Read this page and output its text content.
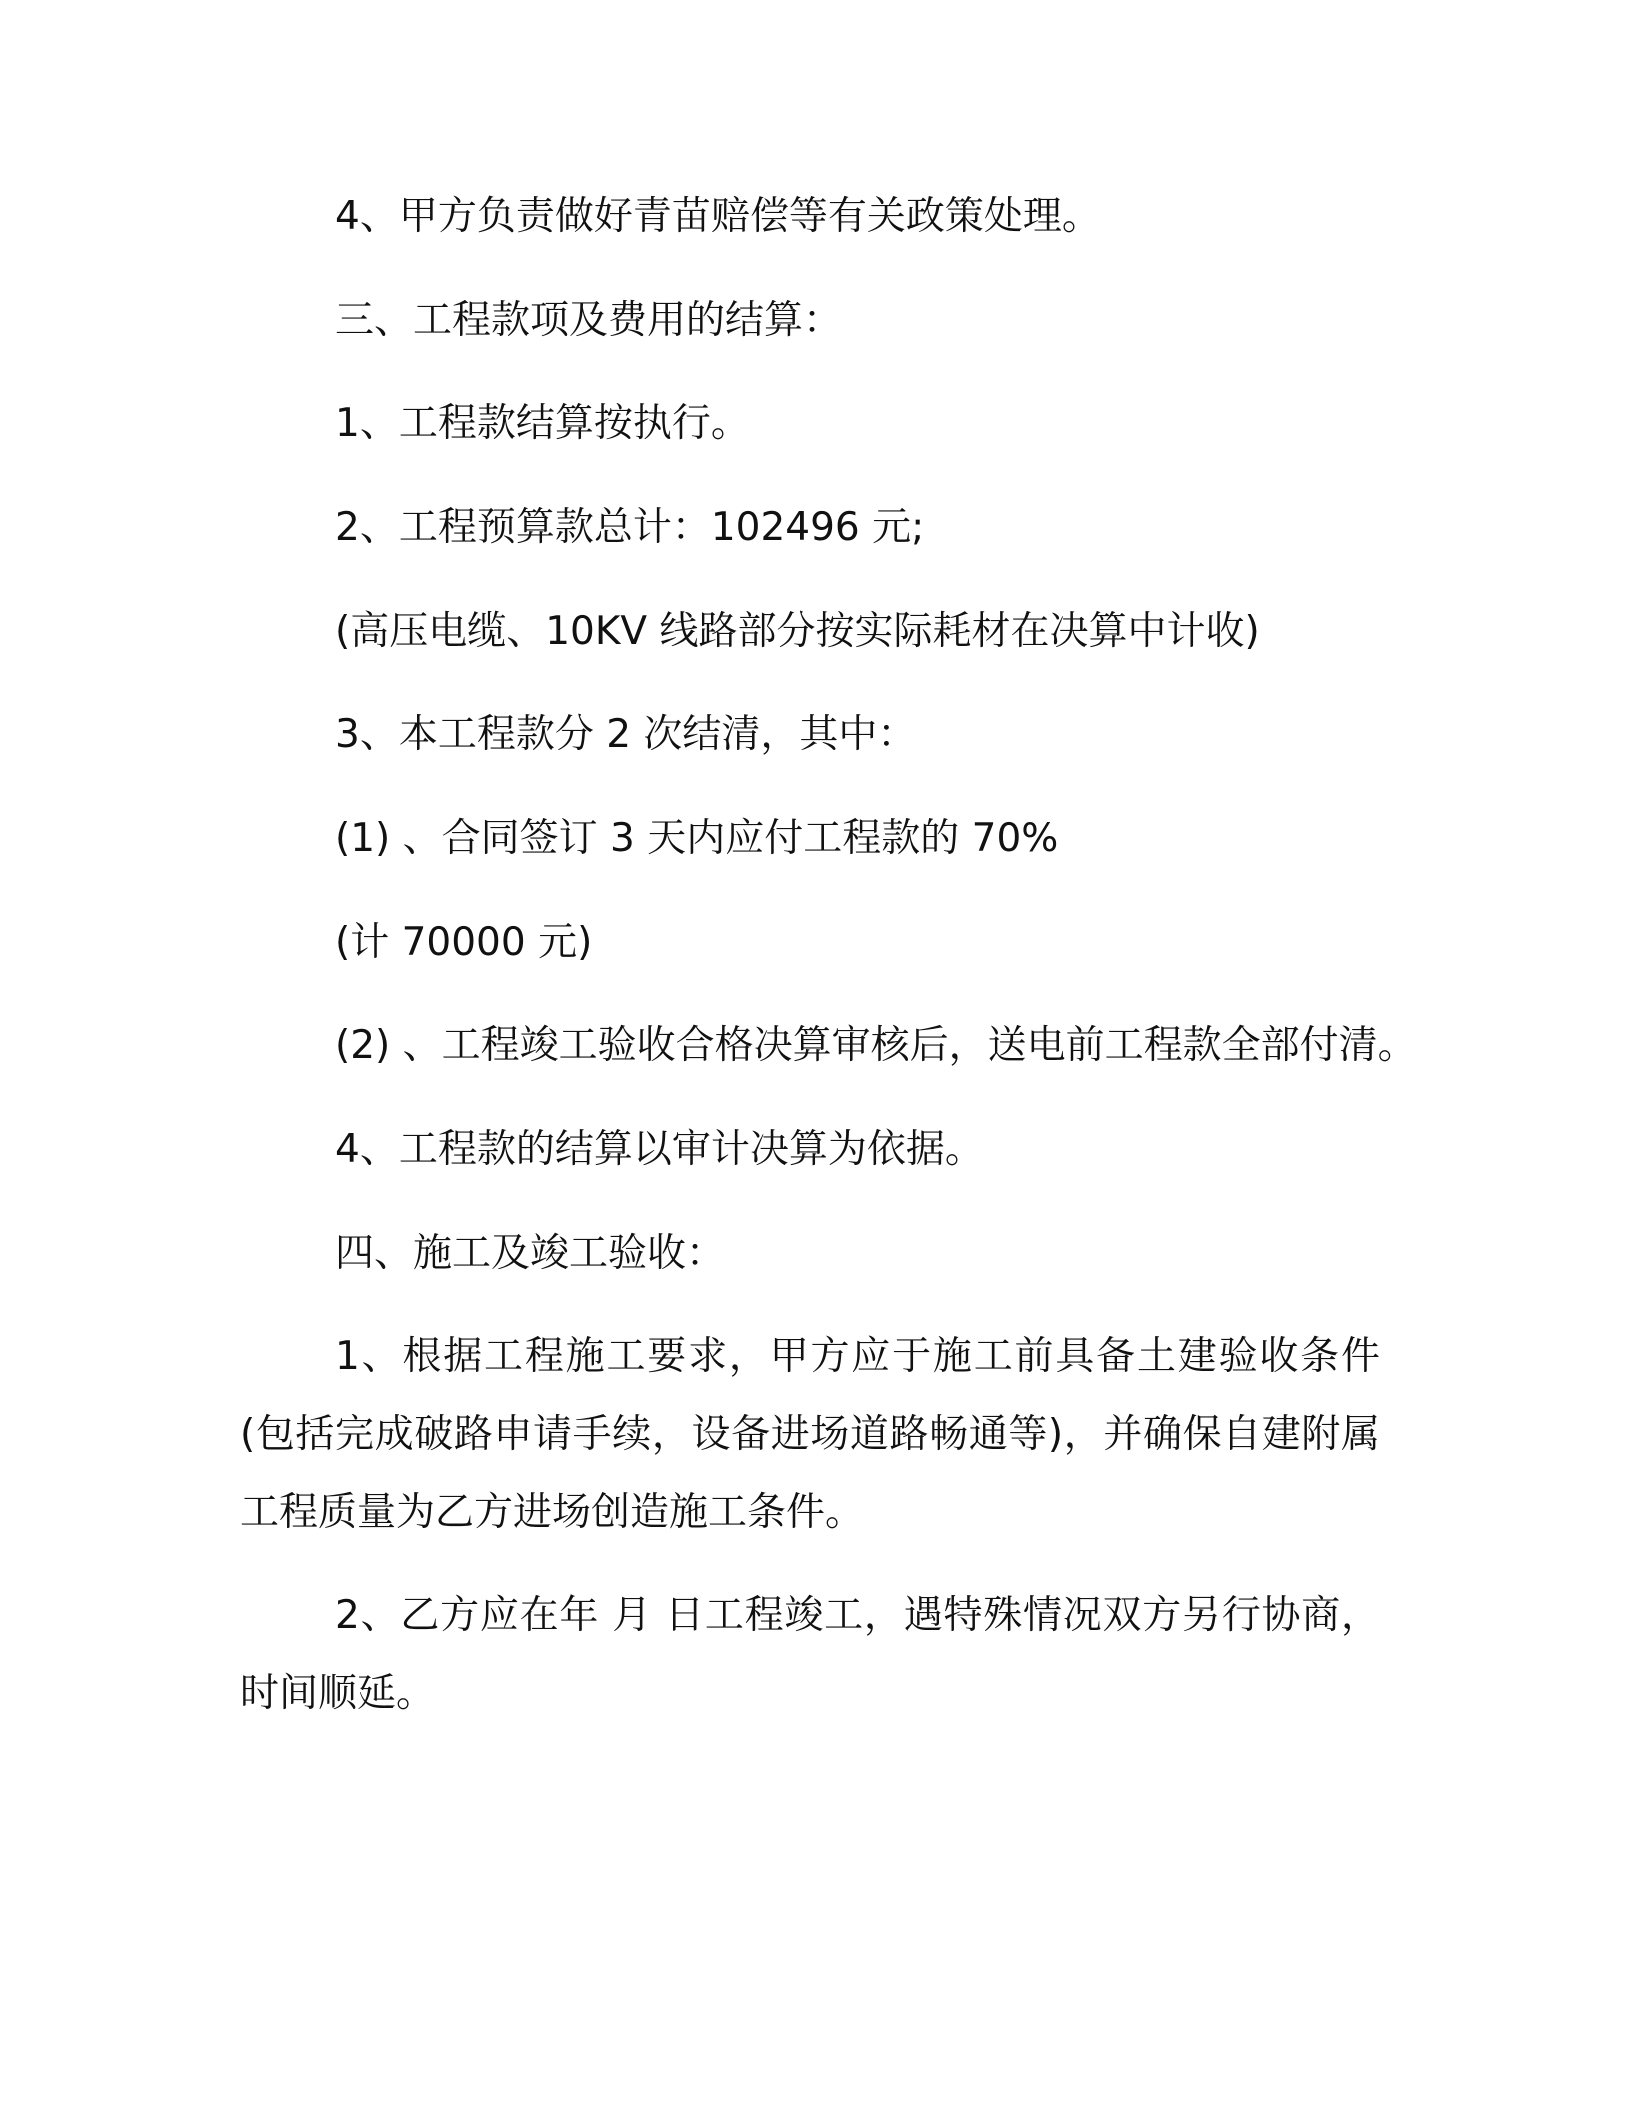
4、甲方负责做好青苗赔偿等有关政策处理。

三、工程款项及费用的结算：

1、工程款结算按执行。

2、工程预算款总计：102496 元;

(高压电缆、10KV 线路部分按实际耗材在决算中计收)

3、本工程款分 2 次结清，其中：

(1) 、合同签订 3 天内应付工程款的 70%

(计 70000 元)

(2) 、工程竣工验收合格决算审核后，送电前工程款全部付清。

4、工程款的结算以审计决算为依据。

四、施工及竣工验收：

1、根据工程施工要求，甲方应于施工前具备土建验收条件(包括完成破路申请手续，设备进场道路畅通等)，并确保自建附属工程质量为乙方进场创造施工条件。

2、乙方应在年 月 日工程竣工，遇特殊情况双方另行协商，时间顺延。
